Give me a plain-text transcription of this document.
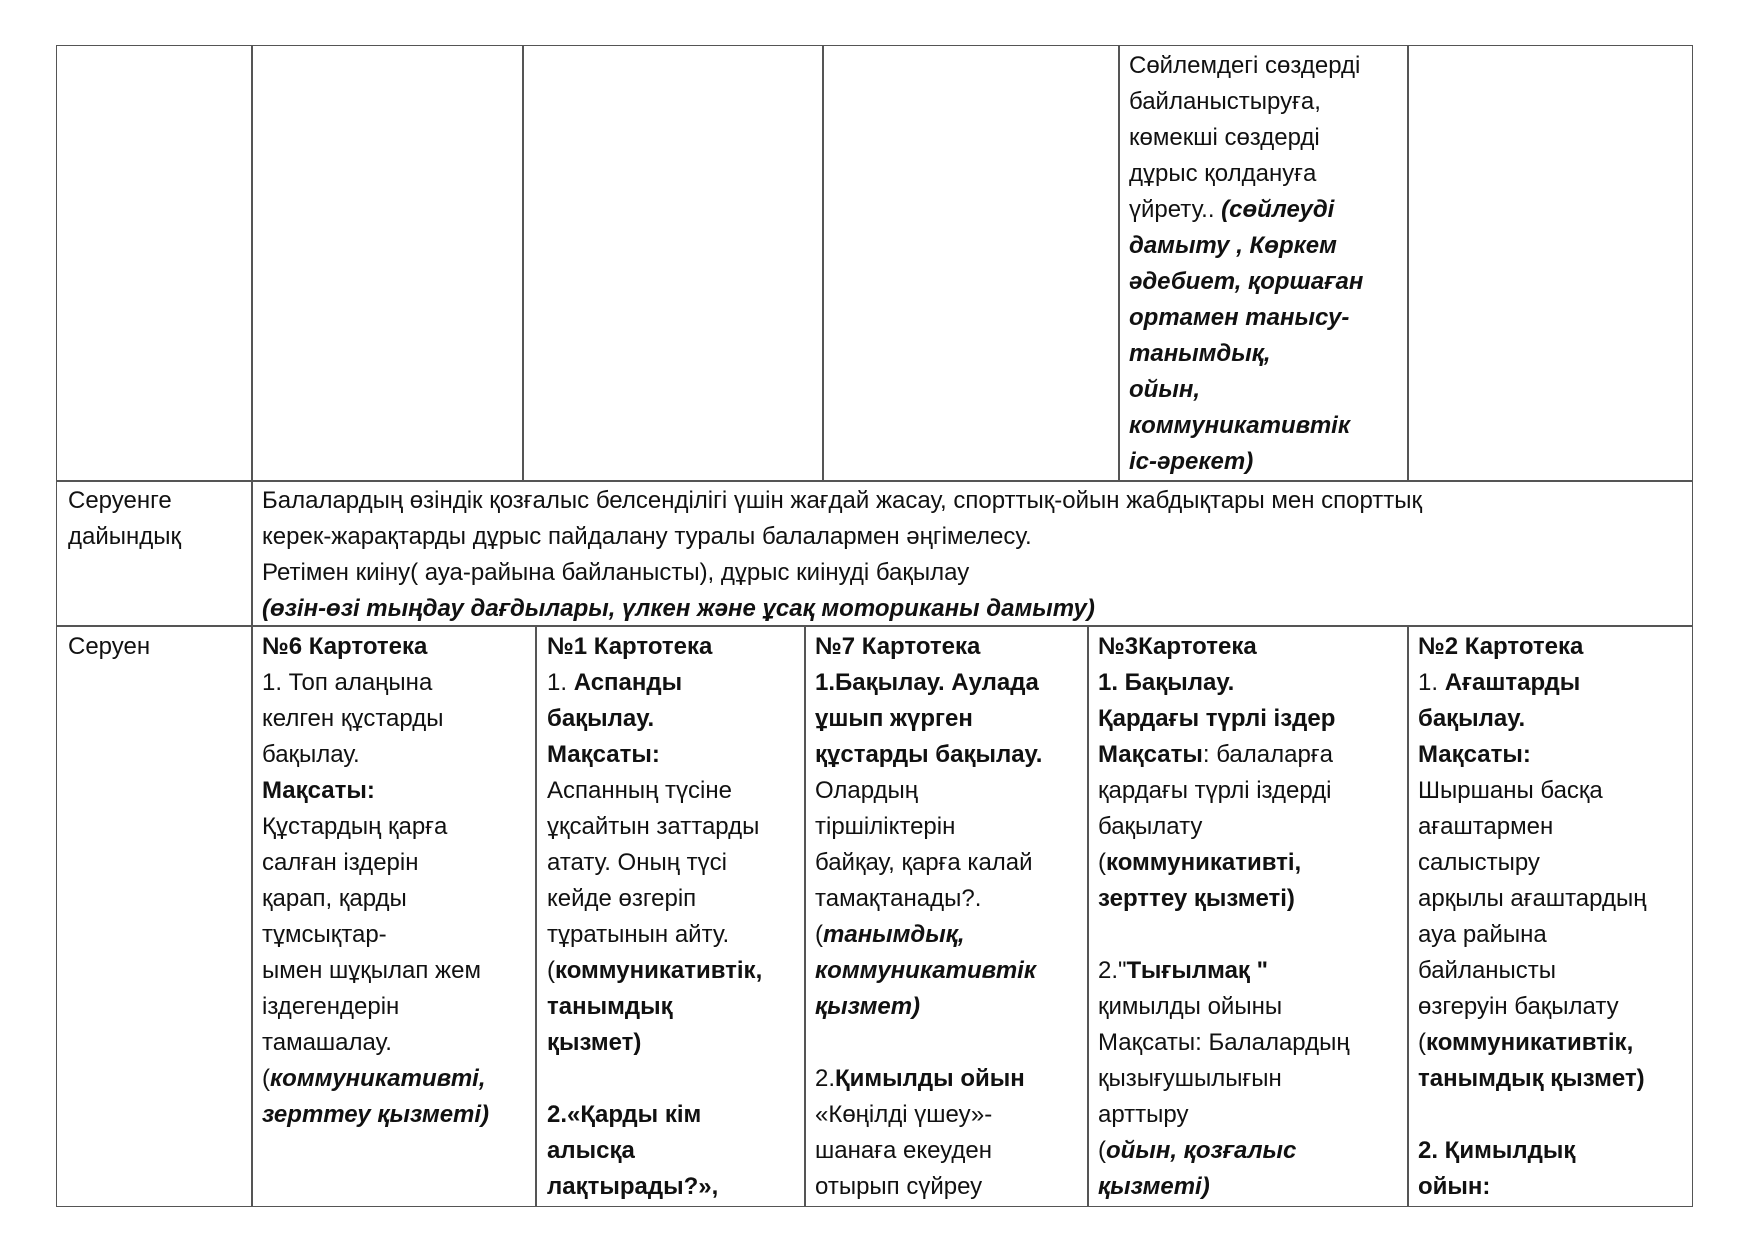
Сөйлемдегі сөздерді
байланыстыруға,
көмекші сөздерді
дұрыс қолдануға
үйрету.. (сөйлеуді
дамыту , Көркем
әдебиет, қоршаған
ортамен танысу-
танымдық,
ойын,
коммуникативтік
іс-әрекет)
Серуенге
дайындық
Балалардың өзіндік қозғалыс белсенділігі үшін жағдай жасау, спорттық-ойын жабдықтары мен спорттық
керек-жарақтарды дұрыс пайдалану туралы балалармен әңгімелесу.
Ретімен киіну( ауа-райына байланысты), дұрыс киінуді бақылау
(өзін-өзі тыңдау дағдылары, үлкен және ұсақ моториканы дамыту)
Серуен	№6 Картотека
1. Топ алаңына
келген құстарды
бақылау.
Мақсаты:
Құстардың қарға
салған іздерін
қарап, қарды
тұмсықтар-
ымен шұқылап жем
іздегендерін
тамашалау.
(коммуникативті,
зерттеу қызметі)
№1 Картотека
1. Аспанды
бақылау.
Мақсаты:
Аспанның түсіне
ұқсайтын заттарды
атату. Оның түсі
кейде өзгеріп
тұратынын айту.
(коммуникативтік,
танымдық
қызмет)
2.«Қарды кім
алысқа
лақтырады?»,
№7 Картотека
1.Бақылау. Аулада
ұшып жүрген
құстарды бақылау.
Олардың
тіршіліктерін
байқау, қарға калай
тамақтанады?.
(танымдық,
коммуникативтік
қызмет)
2.Қимылды ойын
«Көңілді үшеу»-
шанаға екеуден
отырып сүйреу
№3Картотека
1. Бақылау.
Қардағы түрлі іздер
Мақсаты: балаларға
қардағы түрлі іздерді
бақылату
(коммуникативті,
зерттеу қызметі)
2."Тығылмақ "
қимылды ойыны
Мақсаты: Балалардың
қызығушылығын
арттыру
(ойын, қозғалыс
қызметі)
№2 Картотека
1. Ағаштарды
бақылау.
Мақсаты:
Шыршаны басқа
ағаштармен
салыстыру
арқылы ағаштардың
ауа райына
байланысты
өзгеруін бақылату
(коммуникативтік,
танымдық қызмет)
2. Қимылдық
ойын:
